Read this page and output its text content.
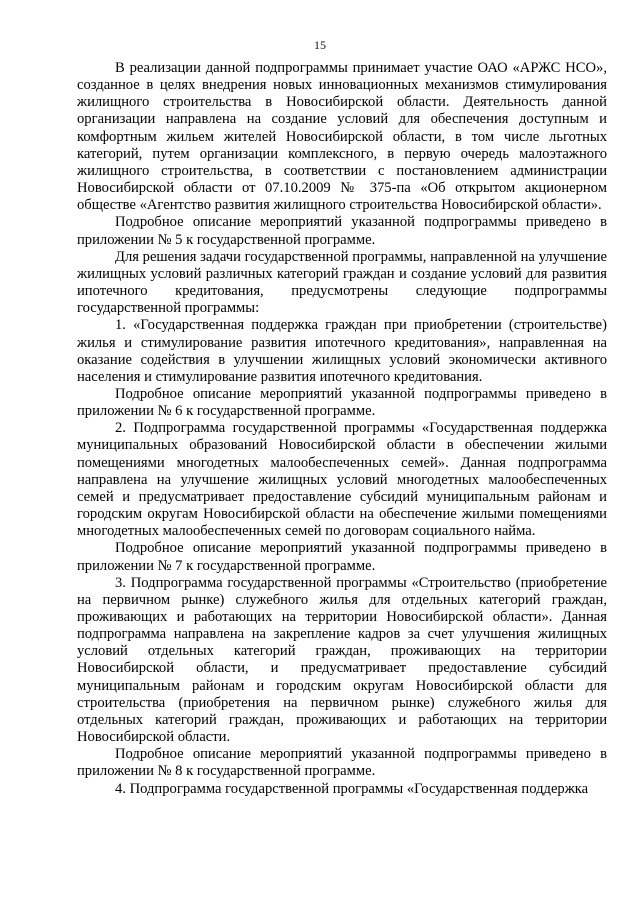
15

В реализации данной подпрограммы принимает участие ОАО «АРЖС НСО», созданное в целях внедрения новых инновационных механизмов стимулирования жилищного строительства в Новосибирской области. Деятельность данной организации направлена на создание условий для обеспечения доступным и комфортным жильем жителей Новосибирской области, в том числе льготных категорий, путем организации комплексного, в первую очередь малоэтажного жилищного строительства, в соответствии с постановлением администрации Новосибирской области от 07.10.2009 № 375-па «Об открытом акционерном обществе «Агентство развития жилищного строительства Новосибирской области».

Подробное описание мероприятий указанной подпрограммы приведено в приложении № 5 к государственной программе.

Для решения задачи государственной программы, направленной на улучшение жилищных условий различных категорий граждан и создание условий для развития ипотечного кредитования, предусмотрены следующие подпрограммы государственной программы:

1. «Государственная поддержка граждан при приобретении (строительстве) жилья и стимулирование развития ипотечного кредитования», направленная на оказание содействия в улучшении жилищных условий экономически активного населения и стимулирование развития ипотечного кредитования.

Подробное описание мероприятий указанной подпрограммы приведено в приложении № 6 к государственной программе.

2. Подпрограмма государственной программы «Государственная поддержка муниципальных образований Новосибирской области в обеспечении жилыми помещениями многодетных малообеспеченных семей». Данная подпрограмма направлена на улучшение жилищных условий многодетных малообеспеченных семей и предусматривает предоставление субсидий муниципальным районам и городским округам Новосибирской области на обеспечение жилыми помещениями многодетных малообеспеченных семей по договорам социального найма.

Подробное описание мероприятий указанной подпрограммы приведено в приложении № 7 к государственной программе.

3. Подпрограмма государственной программы «Строительство (приобретение на первичном рынке) служебного жилья для отдельных категорий граждан, проживающих и работающих на территории Новосибирской области». Данная подпрограмма направлена на закрепление кадров за счет улучшения жилищных условий отдельных категорий граждан, проживающих на территории Новосибирской области, и предусматривает предоставление субсидий муниципальным районам и городским округам Новосибирской области для строительства (приобретения на первичном рынке) служебного жилья для отдельных категорий граждан, проживающих и работающих на территории Новосибирской области.

Подробное описание мероприятий указанной подпрограммы приведено в приложении № 8 к государственной программе.

4. Подпрограмма государственной программы «Государственная поддержка
